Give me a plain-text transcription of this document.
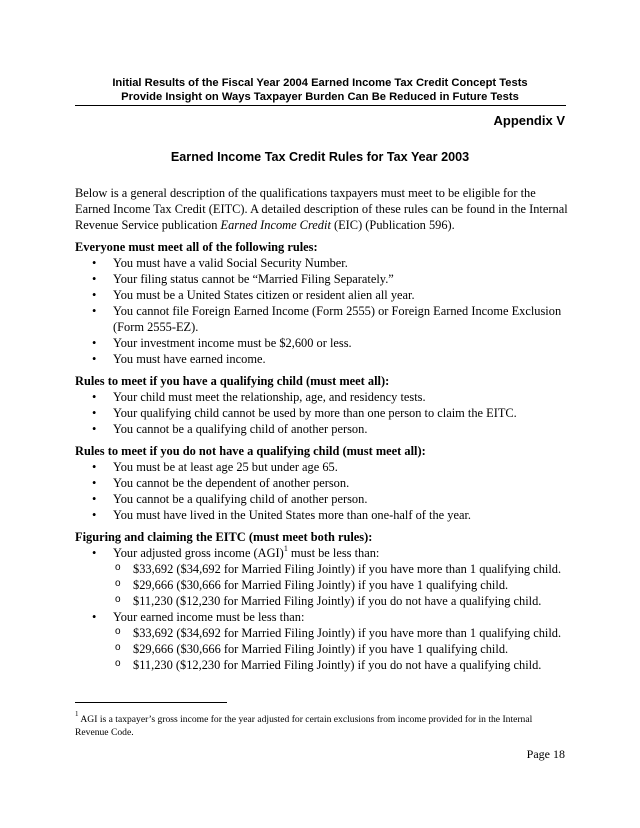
Initial Results of the Fiscal Year 2004 Earned Income Tax Credit Concept Tests
Provide Insight on Ways Taxpayer Burden Can Be Reduced in Future Tests
Appendix V
Earned Income Tax Credit Rules for Tax Year 2003

Below is a general description of the qualifications taxpayers must meet to be eligible for the Earned Income Tax Credit (EITC). A detailed description of these rules can be found in the Internal Revenue Service publication Earned Income Credit (EIC) (Publication 596).

Everyone must meet all of the following rules:
• You must have a valid Social Security Number.
• Your filing status cannot be “Married Filing Separately.”
• You must be a United States citizen or resident alien all year.
• You cannot file Foreign Earned Income (Form 2555) or Foreign Earned Income Exclusion (Form 2555-EZ).
• Your investment income must be $2,600 or less.
• You must have earned income.
Rules to meet if you have a qualifying child (must meet all):
• Your child must meet the relationship, age, and residency tests.
• Your qualifying child cannot be used by more than one person to claim the EITC.
• You cannot be a qualifying child of another person.
Rules to meet if you do not have a qualifying child (must meet all):
• You must be at least age 25 but under age 65.
• You cannot be the dependent of another person.
• You cannot be a qualifying child of another person.
• You must have lived in the United States more than one-half of the year.
Figuring and claiming the EITC (must meet both rules):
• Your adjusted gross income (AGI)$^1$ must be less than:
o $33,692 ($34,692 for Married Filing Jointly) if you have more than 1 qualifying child.
o $29,666 ($30,666 for Married Filing Jointly) if you have 1 qualifying child.
o $11,230 ($12,230 for Married Filing Jointly) if you do not have a qualifying child.
• Your earned income must be less than:
o $33,692 ($34,692 for Married Filing Jointly) if you have more than 1 qualifying child.
o $29,666 ($30,666 for Married Filing Jointly) if you have 1 qualifying child.
o $11,230 ($12,230 for Married Filing Jointly) if you do not have a qualifying child.
$^1$ AGI is a taxpayer’s gross income for the year adjusted for certain exclusions from income provided for in the Internal Revenue Code.
Page 18
